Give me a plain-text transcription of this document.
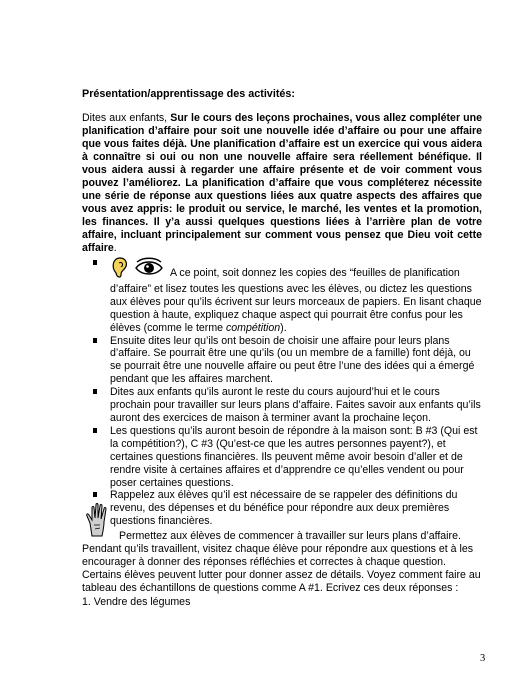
Présentation/apprentissage des activités:

Dites aux enfants, Sur le cours des leçons prochaines, vous allez compléter une planification d’affaire pour soit une nouvelle idée d’affaire ou pour une affaire que vous faites déjà. Une planification d’affaire est un exercice qui vous aidera à connaître si oui ou non une nouvelle affaire sera réellement bénéfique. Il vous aidera aussi à regarder une affaire présente et de voir comment vous pouvez l’améliorez. La planification d’affaire que vous compléterez nécessite une série de réponse aux questions liées aux quatre aspects des affaires que vous avez appris: le produit ou service, le marché, les ventes et la promotion, les finances. Il y’a aussi quelques questions liées à l’arrière plan de votre affaire, incluant principalement sur comment vous pensez que Dieu voit cette affaire.

A ce point, soit donnez les copies des “feuilles de planification d’affaire” et lisez toutes les questions avec les élèves, ou dictez les questions aux élèves pour qu’ils écrivent sur leurs morceaux de papiers. En lisant chaque question à haute, expliquez chaque aspect qui pourrait être confus pour les élèves (comme le terme compétition).
Ensuite dites leur qu’ils ont besoin de choisir une affaire pour leurs plans d’affaire. Se pourrait être une qu’ils (ou un membre de a famille) font déjà, ou se pourrait être une nouvelle affaire ou peut être l’une des idées qui a émergé pendant que les affaires marchent.
Dites aux enfants qu’ils auront le reste du cours aujourd’hui et le cours prochain pour travailler sur leurs plans d’affaire. Faites savoir aux enfants qu’ils auront des exercices de maison à terminer avant la prochaine leçon.
Les questions qu’ils auront besoin de répondre à la maison sont: B #3 (Qui est la compétition?), C #3 (Qu’est-ce que les autres personnes payent?), et certaines questions financières. Ils peuvent même avoir besoin d’aller et de rendre visite à certaines affaires et d’apprendre ce qu’elles vendent ou pour poser certaines questions.
Rappelez aux élèves qu’il est nécessaire de se rappeler des définitions du revenu, des dépenses et du bénéfice pour répondre aux deux premières questions financières.
Permettez aux élèves de commencer à travailler sur leurs plans d’affaire. Pendant qu’ils travaillent, visitez chaque élève pour répondre aux questions et à les encourager à donner des réponses réfléchies et correctes à chaque question. Certains élèves peuvent lutter pour donner assez de détails. Voyez comment faire au tableau des échantillons de questions comme A #1. Ecrivez ces deux réponses :
1. Vendre des légumes
3
